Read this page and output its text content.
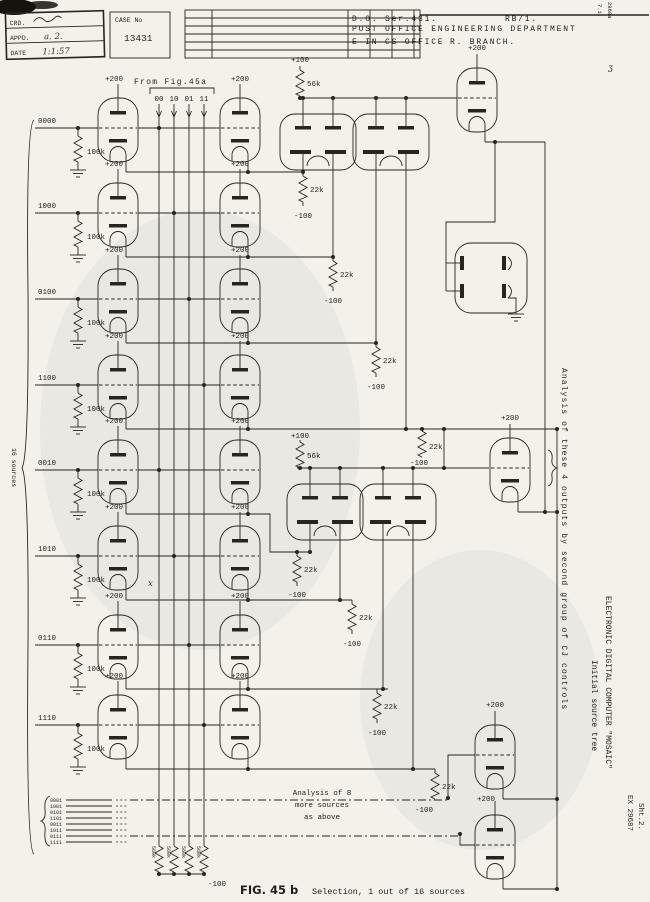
CRD.
APPD. a. 2.
DATE 1:1:57
CASE No
13431
D.O. Ser.431.	RB/1.
POST OFFICE ENGINEERING DEPARTMENT
E-IN-CS OFFICE R. BRANCH.
7.1. 2968a
ʒ
From Fig.45a
00 10 01 11
16 sources
0000
100k
+200	+200
1000
100k
+200	+200
0100
100k
+200	+200
1100
100k
+200	+200
0010
100k
+200	+200
1010
100k
+200	+200
0110
100k
+200	+200
1110
100k
+200	+200
+100
56k
+100
56k
22k
-100
22k
-100
22k
-100
22k
-100
22k
-100
22k
-100
22k
-100
22k
-100
+200
+200
+200
+200
0001
1001
0101
1101
0011
1011
0111
1111
Analysis of 8
more sources
as above
560k 560k 560k 560k
-100
Analysis of these 4 outputs by second group of CJ controls	ELECTRONIC DIGITAL COMPUTER "MOSAIC"
Initial source tree
EX 29687 Sht.2.
x
FIG. 45 b Selection, 1 out of 16 sources
